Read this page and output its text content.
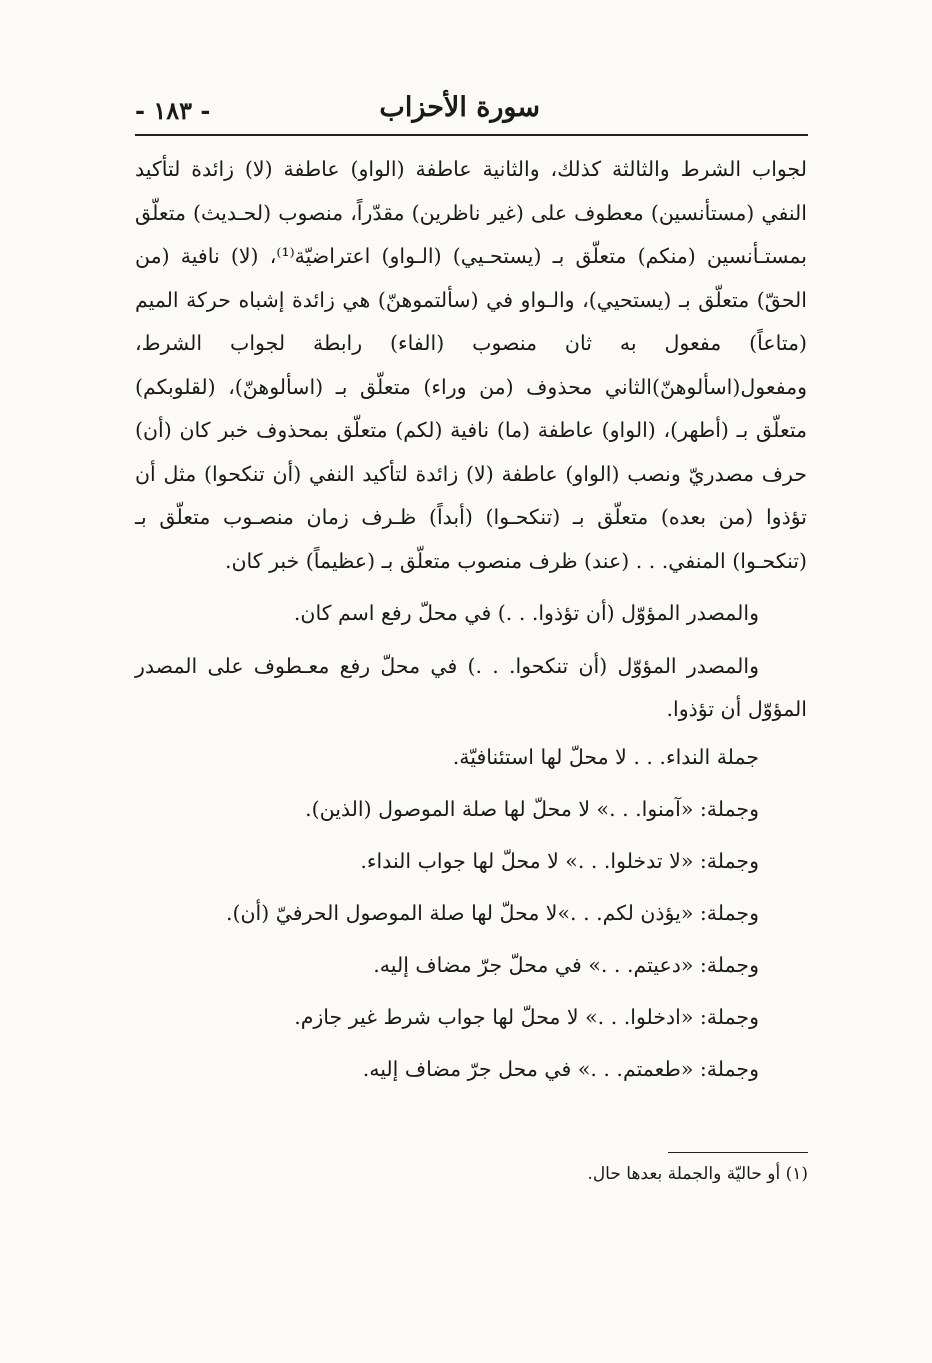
سورة الأحزاب
- ١٨٣ -

لجواب الشرط والثالثة كذلك، والثانية عاطفة (الواو) عاطفة (لا) زائدة لتأكيد النفي (مستأنسين) معطوف على (غير ناظرين) مقدّراً، منصوب (لحـديث) متعلّق بمستـأنسين (منكم) متعلّق بـ (يستحـيي) (الـواو) اعتراضيّة⁽¹⁾، (لا) نافية (من الحقّ) متعلّق بـ (يستحيي)، والـواو في (سألتموهنّ) هي زائدة إشباه حركة الميم (متاعاً) مفعول به ثان منصوب (الفاء) رابطة لجواب الشرط، ومفعول(اسألوهنّ)الثاني محذوف (من وراء) متعلّق بـ (اسألوهنّ)، (لقلوبكم) متعلّق بـ (أطهر)، (الواو) عاطفة (ما) نافية (لكم) متعلّق بمحذوف خبر كان (أن) حرف مصدريّ ونصب (الواو) عاطفة (لا) زائدة لتأكيد النفي (أن تنكحوا) مثل أن تؤذوا (من بعده) متعلّق بـ (تنكحـوا) (أبداً) ظـرف زمان منصـوب متعلّق بـ (تنكحـوا) المنفي. . . (عند) ظرف منصوب متعلّق بـ (عظيماً) خبر كان.

والمصدر المؤوّل (أن تؤذوا. . .) في محلّ رفع اسم كان.

والمصدر المؤوّل (أن تنكحوا. . .) في محلّ رفع معـطوف على المصدر المؤوّل أن تؤذوا.

جملة النداء. . . لا محلّ لها استئنافيّة.

وجملة: «آمنوا. . .» لا محلّ لها صلة الموصول (الذين).

وجملة: «لا تدخلوا. . .» لا محلّ لها جواب النداء.

وجملة: «يؤذن لكم. . .»لا محلّ لها صلة الموصول الحرفيّ (أن).

وجملة: «دعيتم. . .» في محلّ جرّ مضاف إليه.

وجملة: «ادخلوا. . .» لا محلّ لها جواب شرط غير جازم.

وجملة: «طعمتم. . .» في محل جرّ مضاف إليه.

(١) أو حاليّة والجملة بعدها حال.
